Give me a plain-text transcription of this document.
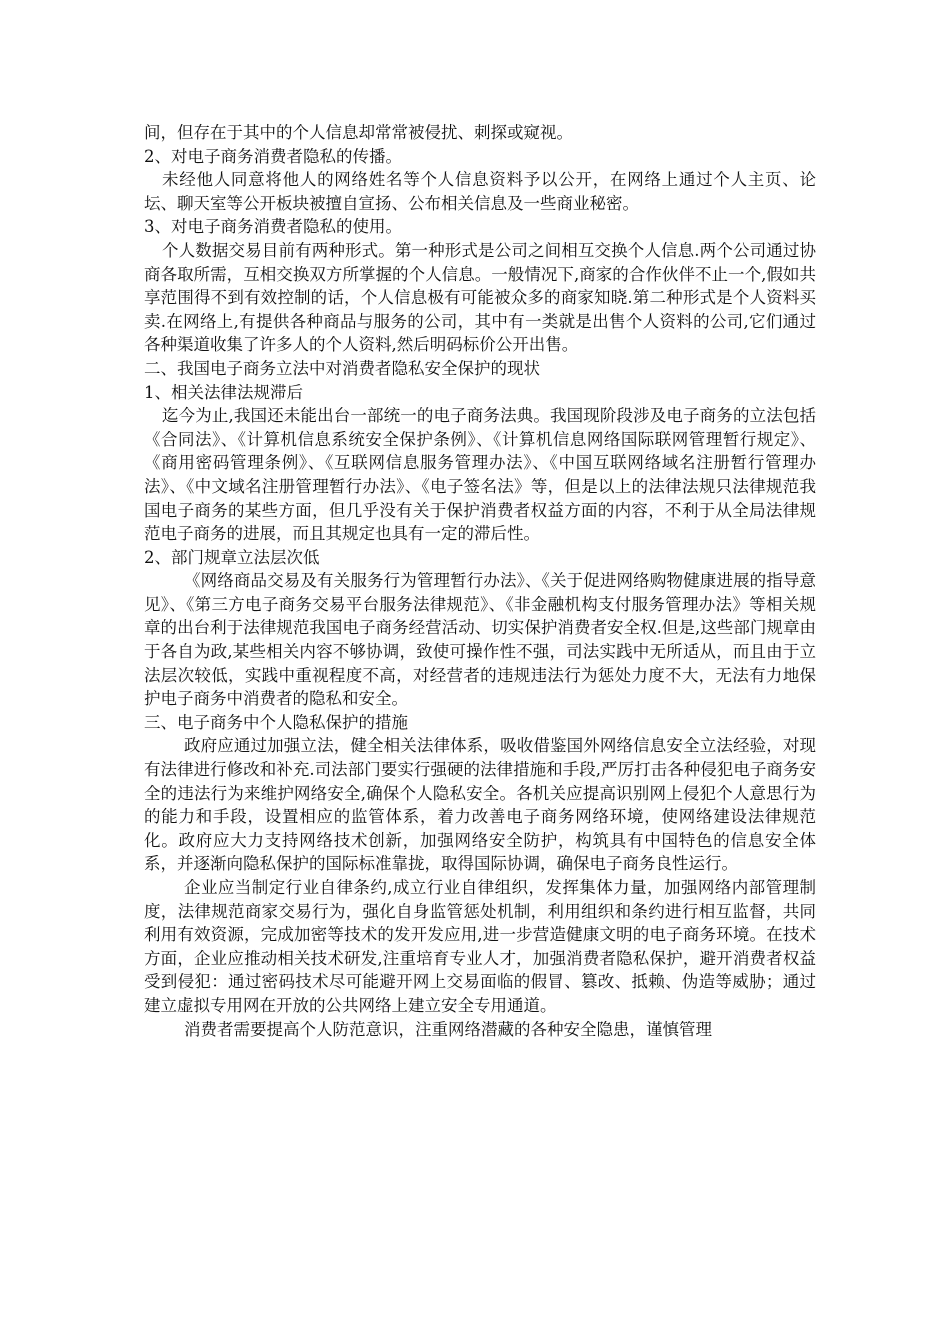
间，但存在于其中的个人信息却常常被侵扰、刺探或窥视。

2、对电子商务消费者隐私的传播。

未经他人同意将他人的网络姓名等个人信息资料予以公开，在网络上通过个人主页、论坛、聊天室等公开板块被擅自宣扬、公布相关信息及一些商业秘密。

3、对电子商务消费者隐私的使用。

个人数据交易目前有两种形式。第一种形式是公司之间相互交换个人信息.两个公司通过协商各取所需，互相交换双方所掌握的个人信息。一般情况下,商家的合作伙伴不止一个,假如共享范围得不到有效控制的话，个人信息极有可能被众多的商家知晓.第二种形式是个人资料买卖.在网络上,有提供各种商品与服务的公司，其中有一类就是出售个人资料的公司,它们通过各种渠道收集了许多人的个人资料,然后明码标价公开出售。

二、我国电子商务立法中对消费者隐私安全保护的现状

1、相关法律法规滞后

迄今为止,我国还未能出台一部统一的电子商务法典。我国现阶段涉及电子商务的立法包括《合同法》、《计算机信息系统安全保护条例》、《计算机信息网络国际联网管理暂行规定》、《商用密码管理条例》、《互联网信息服务管理办法》、《中国互联网络域名注册暂行管理办法》、《中文域名注册管理暂行办法》、《电子签名法》等，但是以上的法律法规只法律规范我国电子商务的某些方面，但几乎没有关于保护消费者权益方面的内容，不利于从全局法律规范电子商务的进展，而且其规定也具有一定的滞后性。

2、部门规章立法层次低

《网络商品交易及有关服务行为管理暂行办法》、《关于促进网络购物健康进展的指导意见》、《第三方电子商务交易平台服务法律规范》、《非金融机构支付服务管理办法》等相关规章的出台利于法律规范我国电子商务经营活动、切实保护消费者安全权.但是,这些部门规章由于各自为政,某些相关内容不够协调，致使可操作性不强，司法实践中无所适从，而且由于立法层次较低，实践中重视程度不高，对经营者的违规违法行为惩处力度不大，无法有力地保护电子商务中消费者的隐私和安全。

三、电子商务中个人隐私保护的措施

政府应通过加强立法，健全相关法律体系，吸收借鉴国外网络信息安全立法经验，对现有法律进行修改和补充.司法部门要实行强硬的法律措施和手段,严厉打击各种侵犯电子商务安全的违法行为来维护网络安全,确保个人隐私安全。各机关应提高识别网上侵犯个人意思行为的能力和手段，设置相应的监管体系，着力改善电子商务网络环境，使网络建设法律规范化。政府应大力支持网络技术创新，加强网络安全防护，构筑具有中国特色的信息安全体系，并逐渐向隐私保护的国际标准靠拢，取得国际协调，确保电子商务良性运行。

企业应当制定行业自律条约,成立行业自律组织，发挥集体力量，加强网络内部管理制度，法律规范商家交易行为，强化自身监管惩处机制，利用组织和条约进行相互监督，共同利用有效资源，完成加密等技术的发开发应用,进一步营造健康文明的电子商务环境。在技术方面，企业应推动相关技术研发,注重培育专业人才，加强消费者隐私保护，避开消费者权益受到侵犯：通过密码技术尽可能避开网上交易面临的假冒、篡改、抵赖、伪造等威胁；通过建立虚拟专用网在开放的公共网络上建立安全专用通道。

消费者需要提高个人防范意识，注重网络潜藏的各种安全隐患，谨慎管理
